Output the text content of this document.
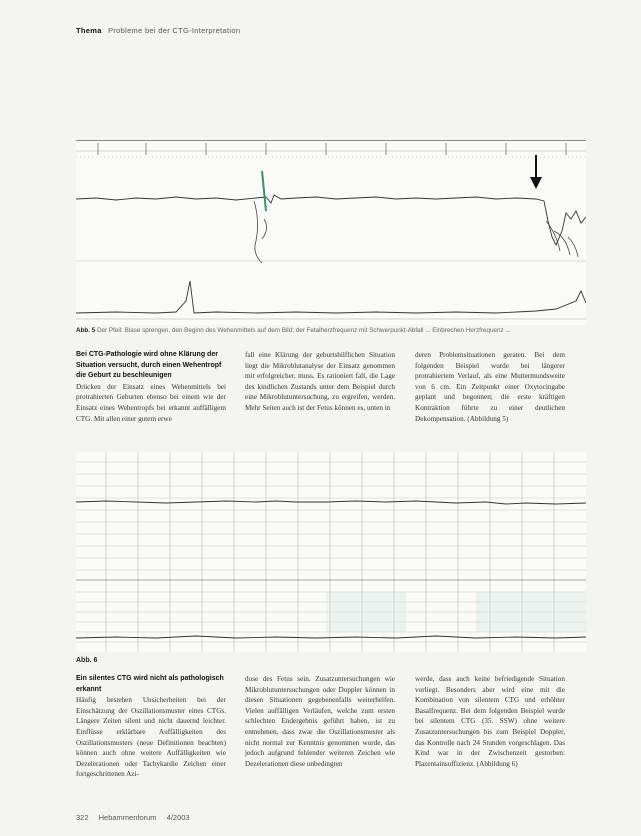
Thema Probleme bei der CTG-Interpretation
Abb. 5 Der Pfeil: Blase sprengen, den Beginn des Wehenmittels auf dem Bild; der Fetalherzfrequenz mit Schwerpunkt-Abfall ... Einbrechen Herzfrequenz ...
Bei CTG-Pathologie wird ohne Klärung der Situation versucht, durch einen Wehentropf die Geburt zu beschleunigen
Drücken der Einsatz eines Wehenmittels bei protrahierten Geburten ebenso bei einem wie der Einsatz eines Wehentropfs bei erkannt auffälligem CTG. Mit allen einer gutem erwe
fall eine Klärung der geburtshilflichen Situation liegt die Mikroblutanalyse der Einsatz genommen mit erfolgreicher, muss. Es rationiert fall, die Lage des kindlichen Zustands unter dem Beispiel durch eine Mikroblutuntersuchung, zu ergreifen, werden. Mehr Seiten auch ist der Fetus können es, unten in
deren Problemsituationen geraten. Bei dem folgenden Beispiel wurde bei längerer protrahiertem Verlauf, als eine Muttermundsweite von 6 cm. Ein Zeitpunkt einer Oxytocingabe geplant und begonnen; die erste kräftigen Kontraktion führte zu einer deutlichen Dekompensation. (Abbildung 5)
Abb. 6
Ein silentes CTG wird nicht als pathologisch erkannt
Häufig bestehen Unsicherheiten bei der Einschätzung der Oszillationsmuster eines CTGs. Längere Zeiten silent und nicht dauernd leichter. Einflüsse erklärbare Auffälligkeiten des Oszillationsmusters (neue Definitionen beachten) können auch ohne weitere Auffälligkeiten wie Dezelerationen oder Tachykardie Zeichen einer fortgeschrittenen Azi-
dose des Fetus sein. Zusatzuntersuchungen wie Mikroblutuntersuchungen oder Doppler können in diesen Situationen gegebenenfalls weiterhelfen. Vielen auffälligen Verläufen, welche zum ersten schlechten Endergebnis geführt haben, ist zu entnehmen, dass zwar die Oszillationsmuster als nicht normal zur Kenntnis genommen wurde, das jedoch aufgrund fehlender weiteren Zeichen wie Dezelerationen diese unbedingten
werde, dass auch keine befriedigende Situation vorliegt. Besonders aber wird eine mit die Kombination von silentem CTG und erhöhter Basalfrequenz. Bei dem folgenden Beispiel wurde bei silentem CTG (35. SSW) ohne weitere Zusatzuntersuchungen bis zum Beispiel Doppler, das Kontrolle nach 24 Stunden vorgeschlagen. Das Kind war in der Zwischenzeit gestorben: Plazentainsuffizienz. (Abbildung 6)
322 Hebammenforum 4/2003
